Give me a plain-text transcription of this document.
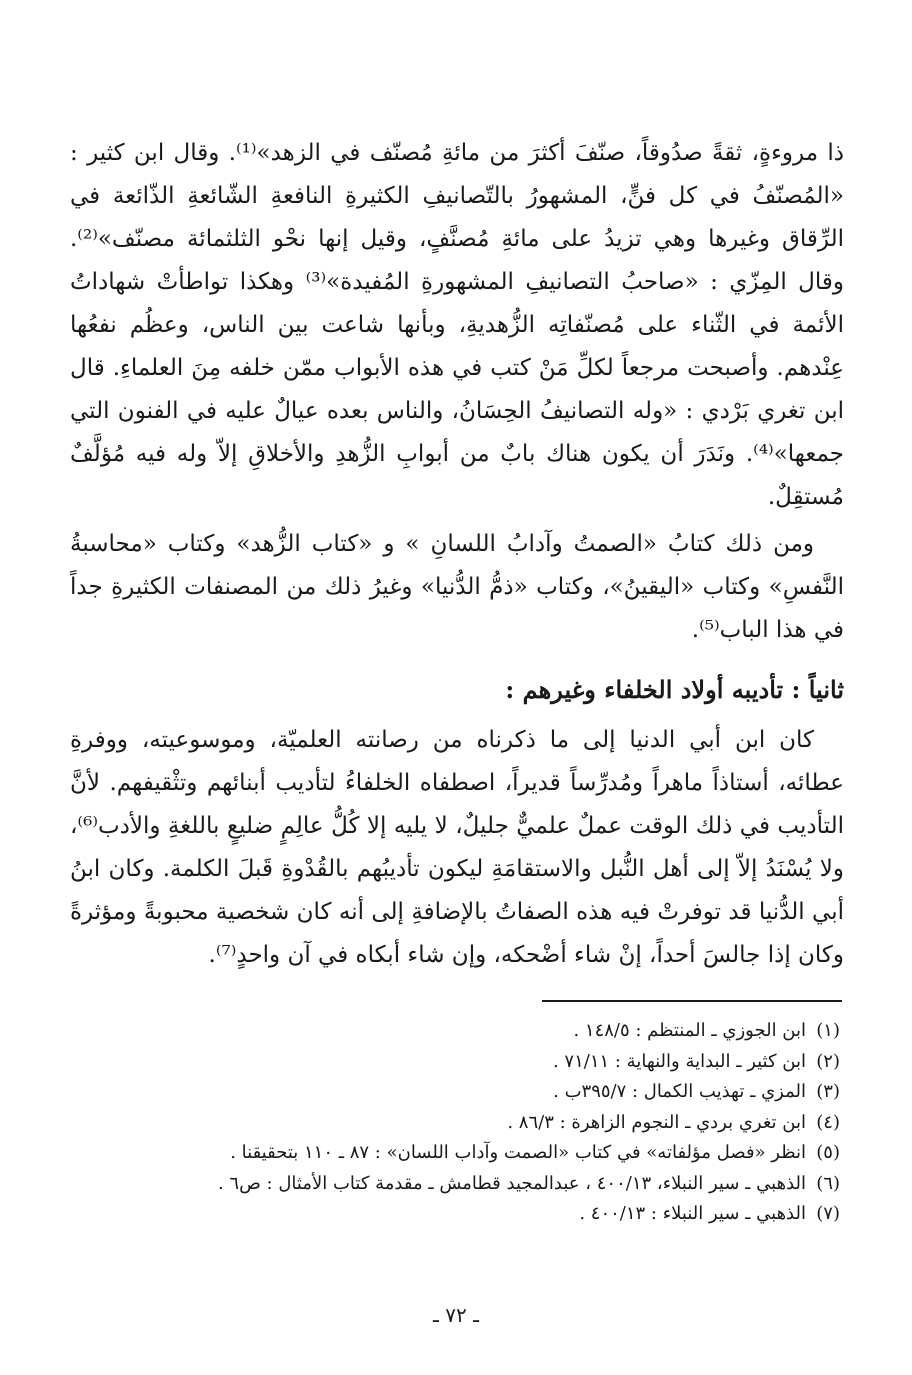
ذا مروءةٍ، ثقةً صدُوقاً، صنّفَ أكثرَ من مائةِ مُصنّف في الزهد»⁽¹⁾. وقال ابن كثير : «المُصنّفُ في كل فنٍّ، المشهورُ بالتّصانيفِ الكثيرةِ النافعةِ الشّائعةِ الذّائعة في الرِّقاق وغيرها وهي تزيدُ على مائةِ مُصنَّفٍ، وقيل إنها نحْو الثلثمائة مصنّف»⁽²⁾. وقال المِزّي : «صاحبُ التصانيفِ المشهورةِ المُفيدة»⁽³⁾ وهكذا تواطأتْ شهاداتُ الأئمة في الثّناء على مُصنّفاتِه الزُّهديةِ، وبأنها شاعت بين الناس، وعظُم نفعُها عِنْدهم. وأصبحت مرجعاً لكلِّ مَنْ كتب في هذه الأبواب ممّن خلفه مِنَ العلماءِ. قال ابن تغري بَرْدي : «وله التصانيفُ الحِسَانُ، والناس بعده عيالٌ عليه في الفنون التي جمعها»⁽⁴⁾. ونَدَرَ أن يكون هناك بابٌ من أبوابِ الزُّهدِ والأخلاقِ إلاّ وله فيه مُؤلَّفٌ مُستقِلٌ.

ومن ذلك كتابُ «الصمتُ وآدابُ اللسانِ » و «كتاب الزُّهد» وكتاب «محاسبةُ النَّفسِ» وكتاب «اليقينُ»، وكتاب «ذمُّ الدُّنيا» وغيرُ ذلك من المصنفات الكثيرةِ جداً في هذا الباب⁽⁵⁾.

ثانياً : تأديبه أولاد الخلفاء وغيرهم :

كان ابن أبي الدنيا إلى ما ذكرناه من رصانته العلميّة، وموسوعيته، ووفرةِ عطائه، أستاذاً ماهراً ومُدرِّساً قديراً، اصطفاه الخلفاءُ لتأديب أبنائهم وتثْقيفهم. لأنَّ التأديب في ذلك الوقت عملٌ علميٌّ جليلٌ، لا يليه إلا كُلُّ عالِمٍ ضليعٍ باللغةِ والأدب⁽⁶⁾، ولا يُسْنَدُ إلاّ إلى أهل النُّبل والاستقامَةِ ليكون تأديبُهم بالقُدْوةِ قَبلَ الكلمة. وكان ابنُ أبي الدُّنيا قد توفرتْ فيه هذه الصفاتُ بالإضافةِ إلى أنه كان شخصية محبوبةً ومؤثرةً وكان إذا جالسَ أحداً، إنْ شاء أضْحكه، وإن شاء أبكاه في آن واحدٍ⁽⁷⁾.

(١)ابن الجوزي ـ المنتظم : ١٤٨/٥ .
(٢)ابن كثير ـ البداية والنهاية : ٧١/١١ .
(٣)المزي ـ تهذيب الكمال : ٣٩٥/٧ب .
(٤)ابن تغري بردي ـ النجوم الزاهرة : ٨٦/٣ .
(٥)انظر «فصل مؤلفاته» في كتاب «الصمت وآداب اللسان» : ٨٧ ـ ١١٠ بتحقيقنا .
(٦)الذهبي ـ سير النبلاء، ٤٠٠/١٣ ، عبدالمجيد قطامش ـ مقدمة كتاب الأمثال : ص٦ .
(٧)الذهبي ـ سير النبلاء : ٤٠٠/١٣ .
ـ ٧٢ ـ
